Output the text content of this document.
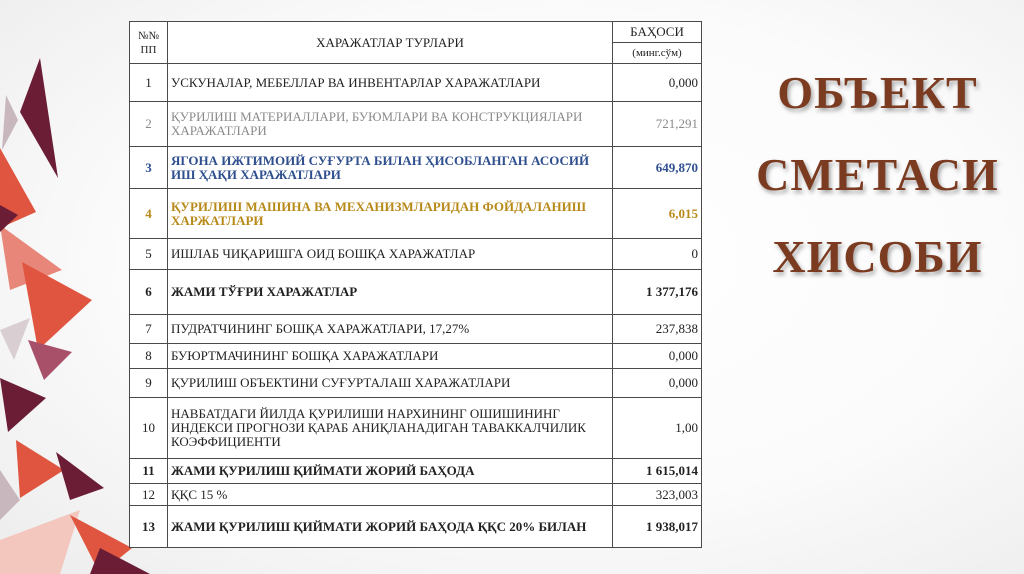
№№
ПП	ХАРАЖАТЛАР ТУРЛАРИ	БАҲОСИ
		(минг.сўм)
1	УСКУНАЛАР, МЕБЕЛЛАР ВА ИНВЕНТАРЛАР ХАРАЖАТЛАРИ	0,000
2	ҚУРИЛИШ МАТЕРИАЛЛАРИ, БУЮМЛАРИ ВА КОНСТРУКЦИЯЛАРИ ХАРАЖАТЛАРИ	721,291
3	ЯГОНА ИЖТИМОИЙ СУҒУРТА БИЛАН ҲИСОБЛАНГАН АСОСИЙ ИШ ҲАҚИ ХАРАЖАТЛАРИ	649,870
4	ҚУРИЛИШ МАШИНА ВА МЕХАНИЗМЛАРИДАН ФОЙДАЛАНИШ ХАРЖАТЛАРИ	6,015
5	ИШЛАБ ЧИҚАРИШГА ОИД БОШҚА ХАРАЖАТЛАР	0
6	ЖАМИ ТЎҒРИ ХАРАЖАТЛАР	1 377,176
7	ПУДРАТЧИНИНГ БОШҚА ХАРАЖАТЛАРИ, 17,27%	237,838
8	БУЮРТМАЧИНИНГ БОШҚА ХАРАЖАТЛАРИ	0,000
9	ҚУРИЛИШ ОБЪЕКТИНИ СУҒУРТАЛАШ ХАРАЖАТЛАРИ	0,000
10	НАВБАТДАГИ ЙИЛДА ҚУРИЛИШИ НАРХИНИНГ ОШИШИНИНГ ИНДЕКСИ ПРОГНОЗИ ҚАРАБ АНИҚЛАНАДИГАН ТАВАККАЛЧИЛИК КОЭФФИЦИЕНТИ	1,00
11	ЖАМИ ҚУРИЛИШ ҚИЙМАТИ ЖОРИЙ БАҲОДА	1 615,014
12	ҚҚС 15 %	323,003
13	ЖАМИ ҚУРИЛИШ ҚИЙМАТИ ЖОРИЙ БАҲОДА ҚҚС 20% БИЛАН	1 938,017
ОБЪЕКТ
СМЕТАСИ
ХИСОБИ
